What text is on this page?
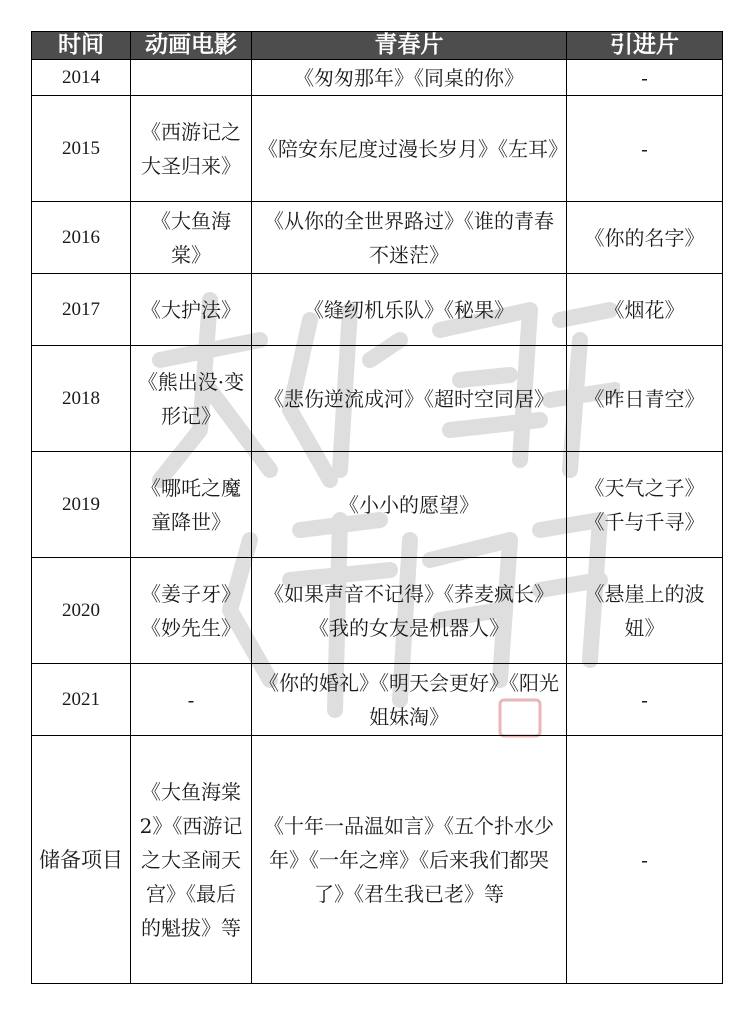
时间	动画电影	青春片	引进片
2014		《匆匆那年》《同桌的你》	-
2015	《西游记之大圣归来》	《陪安东尼度过漫长岁月》《左耳》	-
2016	《大鱼海棠》	《从你的全世界路过》《谁的青春不迷茫》	《你的名字》
2017	《大护法》	《缝纫机乐队》《秘果》	《烟花》
2018	《熊出没·变形记》	《悲伤逆流成河》《超时空同居》	《昨日青空》
2019	《哪吒之魔童降世》	《小小的愿望》	《天气之子》《千与千寻》
2020	《姜子牙》《妙先生》	《如果声音不记得》《荞麦疯长》《我的女友是机器人》	《悬崖上的波妞》
2021	-	《你的婚礼》《明天会更好》《阳光姐妹淘》	-
储备项目	《大鱼海棠2》《西游记之大圣闹天宫》《最后的魁拔》等	《十年一品温如言》《五个扑水少年》《一年之痒》《后来我们都哭了》《君生我已老》等	-
